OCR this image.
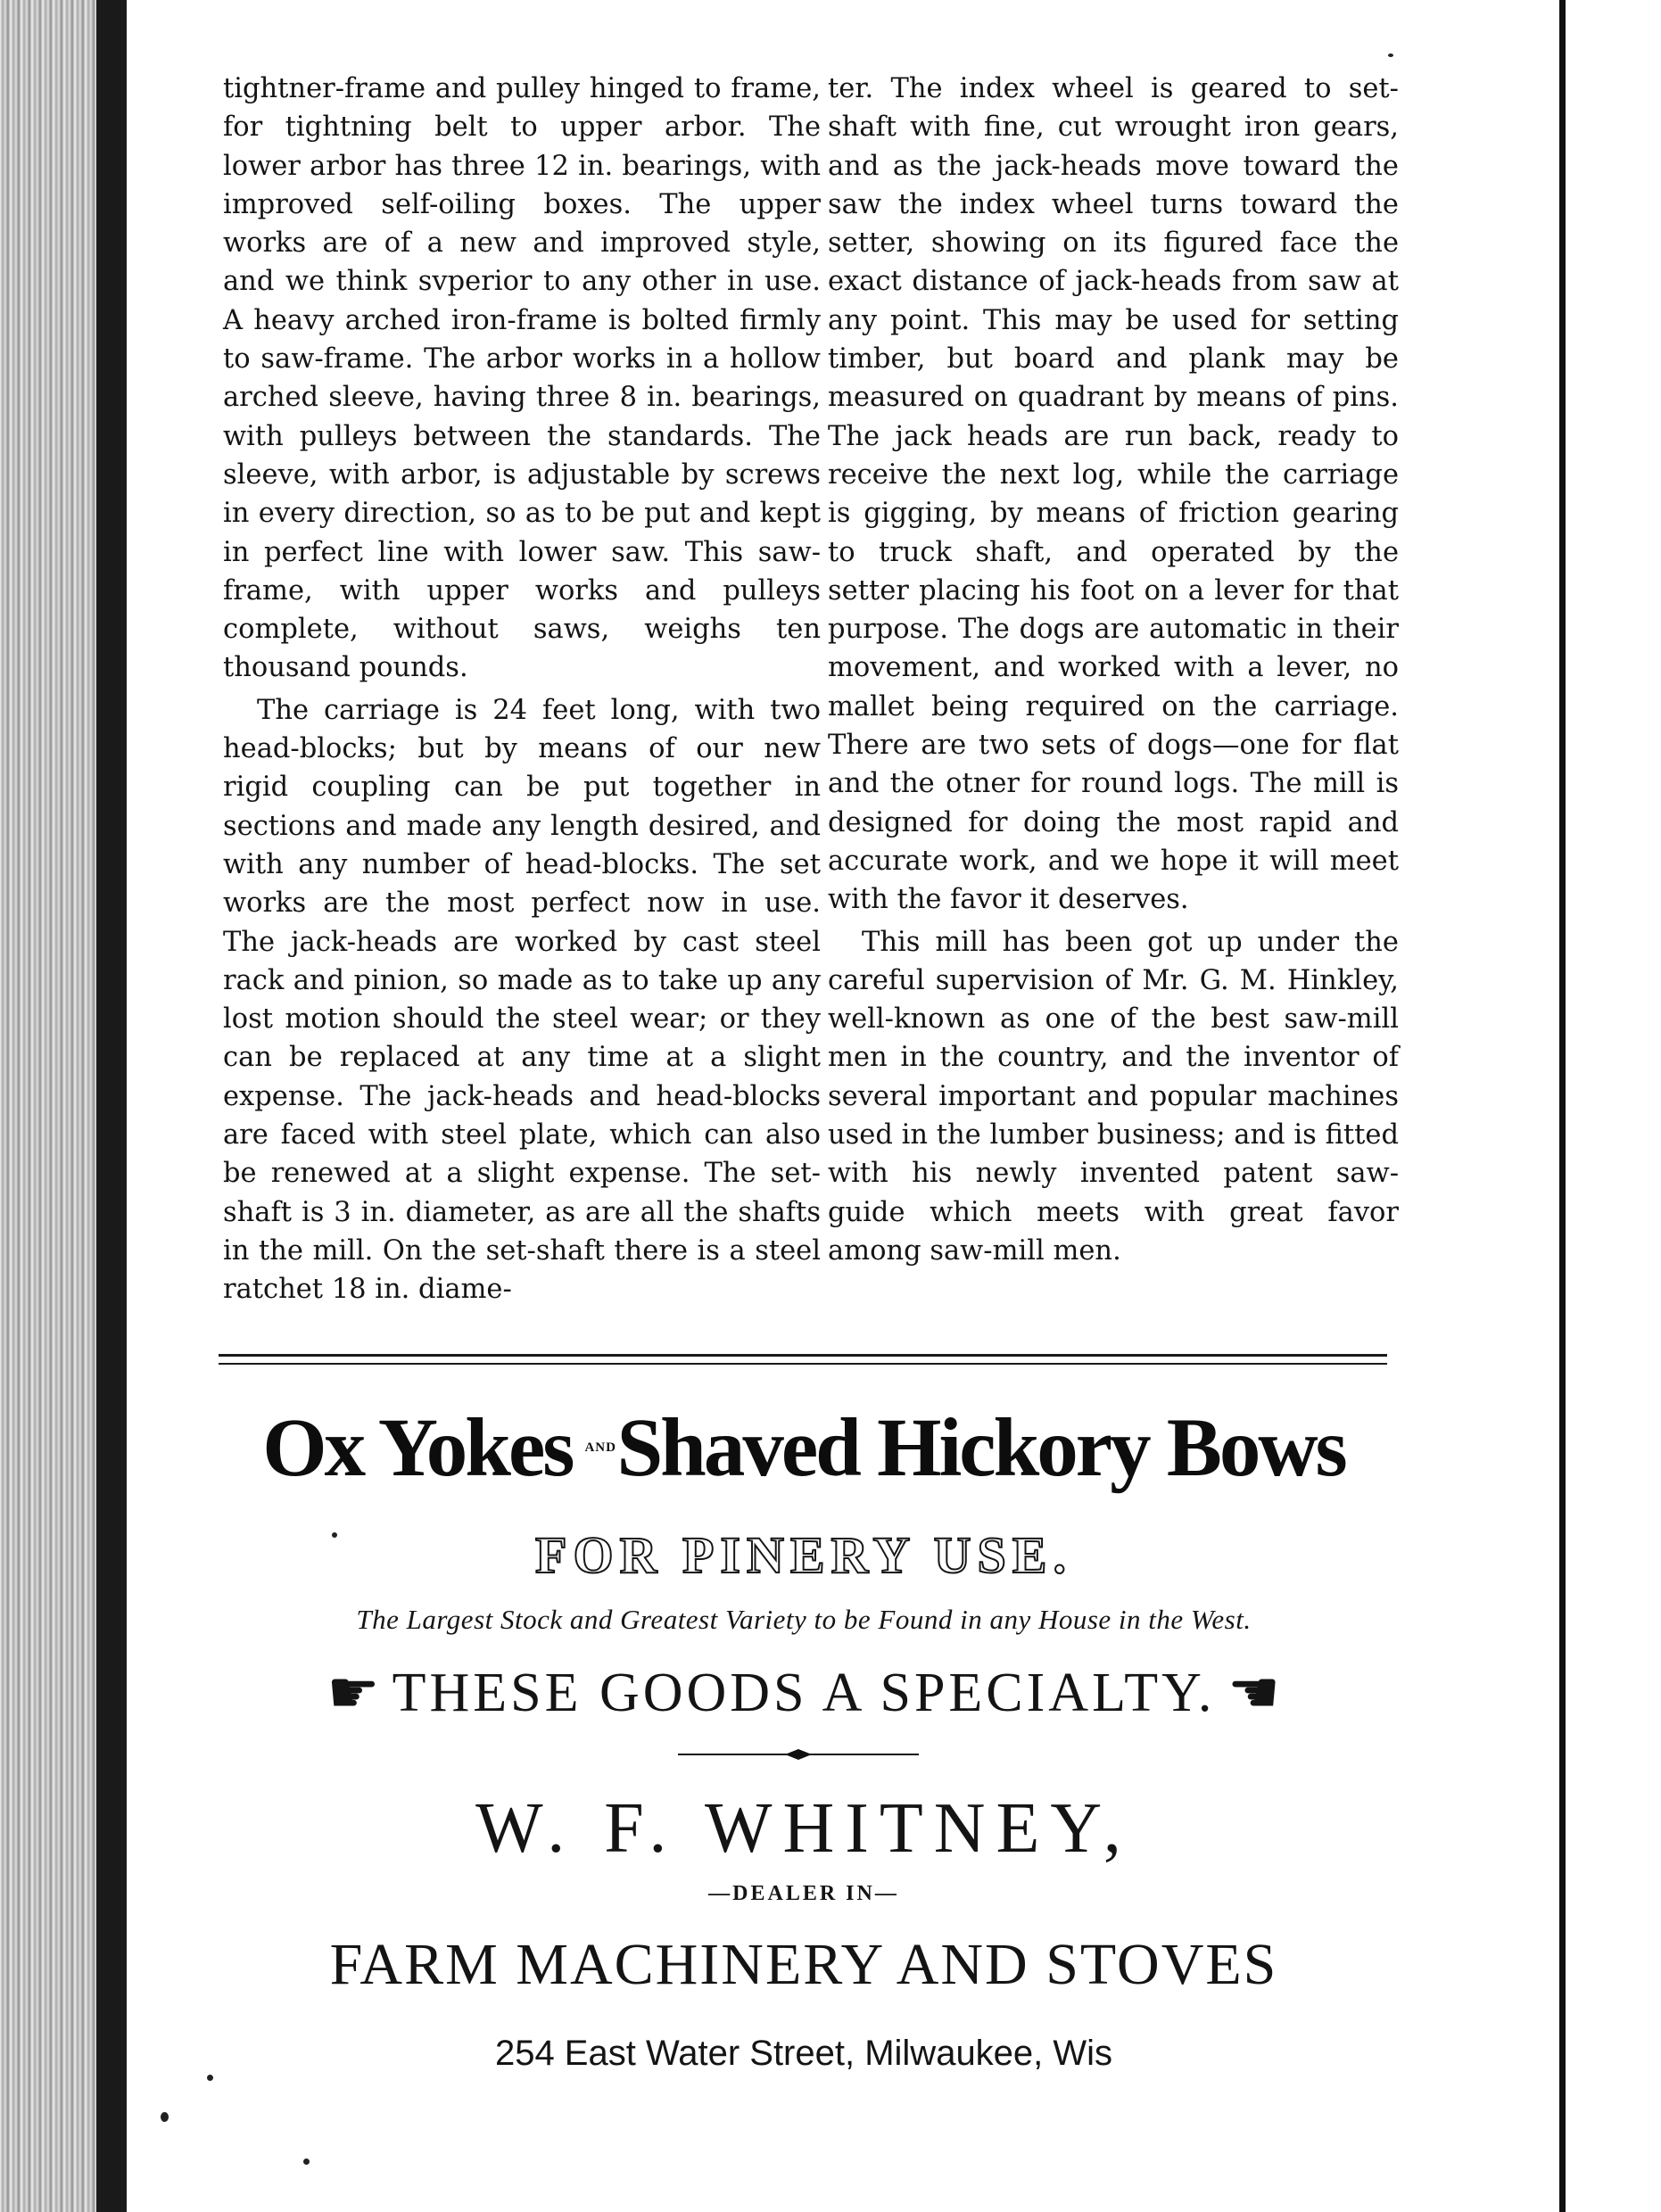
tightner-frame and pulley hinged to frame, for tightning belt to upper arbor. The lower arbor has three 12 in. bearings, with improved self-oiling boxes. The upper works are of a new and improved style, and we think svperior to any other in use. A heavy arched iron-frame is bolted firmly to saw-frame. The arbor works in a hollow arched sleeve, having three 8 in. bearings, with pulleys between the standards. The sleeve, with arbor, is adjustable by screws in every direction, so as to be put and kept in perfect line with lower saw. This saw-frame, with upper works and pulleys complete, without saws, weighs ten thousand pounds.

The carriage is 24 feet long, with two head-blocks; but by means of our new rigid coupling can be put together in sections and made any length desired, and with any number of head-blocks. The set works are the most perfect now in use. The jack-heads are worked by cast steel rack and pinion, so made as to take up any lost motion should the steel wear; or they can be replaced at any time at a slight expense. The jack-heads and head-blocks are faced with steel plate, which can also be renewed at a slight expense. The set-shaft is 3 in. diameter, as are all the shafts in the mill. On the set-shaft there is a steel ratchet 18 in. diame-

ter. The index wheel is geared to set-shaft with fine, cut wrought iron gears, and as the jack-heads move toward the saw the index wheel turns toward the setter, showing on its figured face the exact distance of jack-heads from saw at any point. This may be used for setting timber, but board and plank may be measured on quadrant by means of pins. The jack heads are run back, ready to receive the next log, while the carriage is gigging, by means of friction gearing to truck shaft, and operated by the setter placing his foot on a lever for that purpose. The dogs are automatic in their movement, and worked with a lever, no mallet being required on the carriage. There are two sets of dogs—one for flat and the otner for round logs. The mill is designed for doing the most rapid and accurate work, and we hope it will meet with the favor it deserves.

This mill has been got up under the careful supervision of Mr. G. M. Hinkley, well-known as one of the best saw-mill men in the country, and the inventor of several important and popular machines used in the lumber business; and is fitted with his newly invented patent saw-guide which meets with great favor among saw-mill men.

Ox Yokes AND Shaved Hickory Bows
FOR PINERY USE.
The Largest Stock and Greatest Variety to be Found in any House in the West.
☛ THESE GOODS A SPECIALTY. ☛
W. F. WHITNEY,
—DEALER IN—
FARM MACHINERY AND STOVES
254 East Water Street, Milwaukee, Wis
